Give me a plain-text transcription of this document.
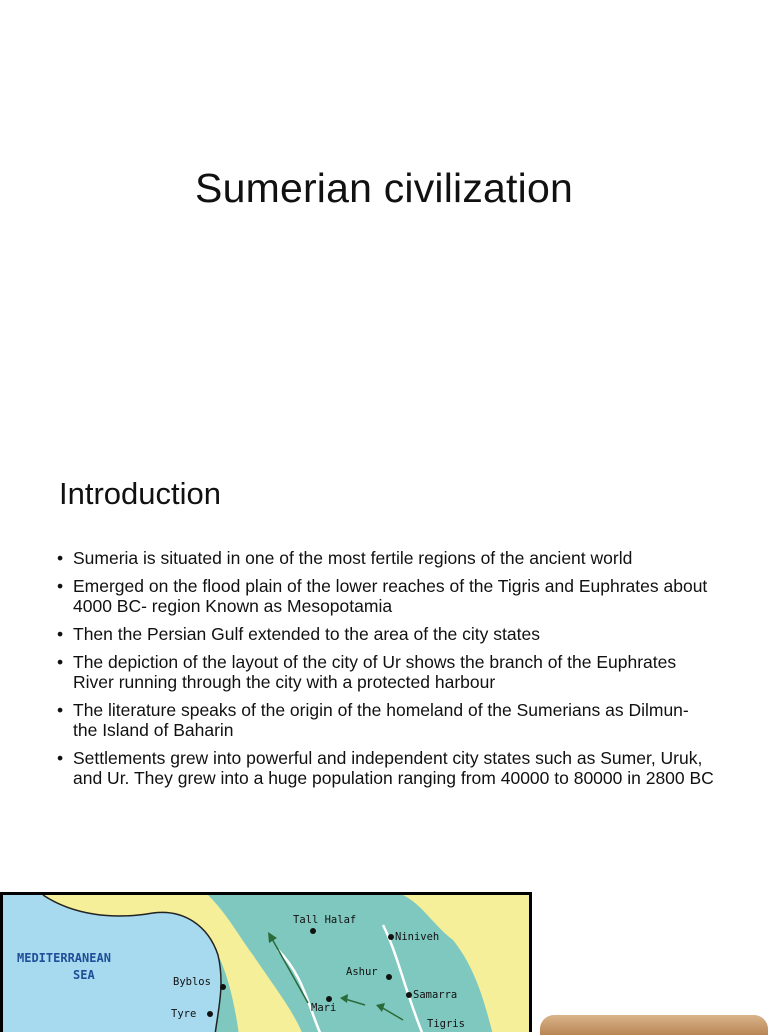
Sumerian civilization
Introduction
• Sumeria is situated in one of the most fertile regions of the ancient world
• Emerged on the flood plain of the lower reaches of the Tigris and Euphrates about 4000 BC- region Known as Mesopotamia
• Then the Persian Gulf extended to the area of the city states
• The depiction of the layout of the city of Ur shows the branch of the Euphrates River running through the city with a protected harbour
• The literature speaks of the origin of the homeland of the Sumerians as Dilmun- the Island of Baharin
• Settlements grew into powerful and independent city states such as Sumer, Uruk, and Ur. They grew into a huge population ranging from 40000 to 80000 in 2800 BC
MEDITERRANEAN
SEA
Tall Halaf
Niniveh
Ashur
Samarra
Byblos
Tyre	Mari
Tigris
